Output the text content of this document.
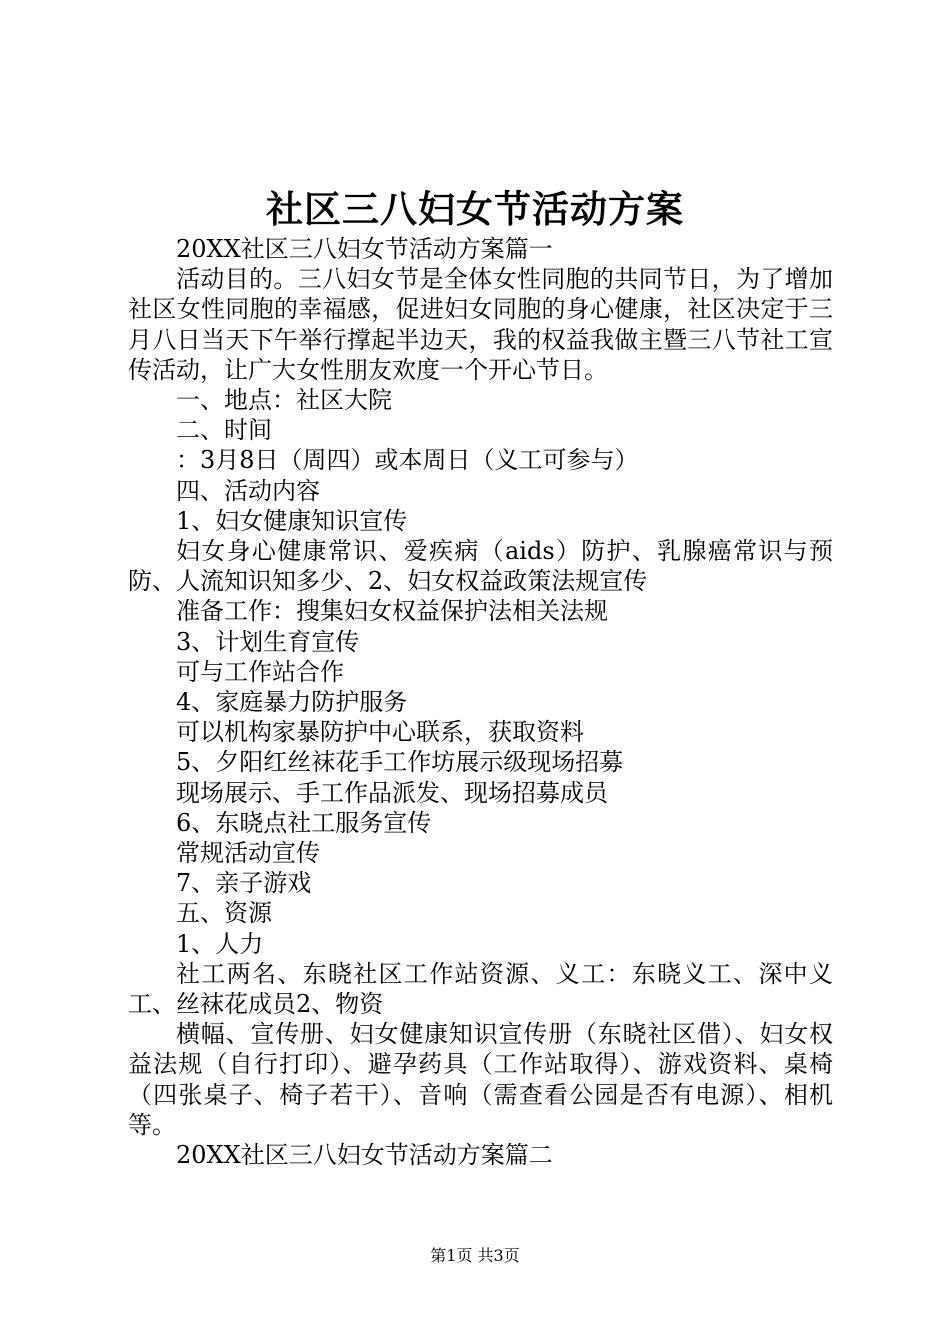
社区三八妇女节活动方案

20XX社区三八妇女节活动方案篇一

活动目的。三八妇女节是全体女性同胞的共同节日，为了增加社区女性同胞的幸福感，促进妇女同胞的身心健康，社区决定于三月八日当天下午举行撑起半边天，我的权益我做主暨三八节社工宣传活动，让广大女性朋友欢度一个开心节日。

一、地点：社区大院

二、时间

：3月8日（周四）或本周日（义工可参与）

四、活动内容

1、妇女健康知识宣传

妇女身心健康常识、爱疾病（aids）防护、乳腺癌常识与预防、人流知识知多少、2、妇女权益政策法规宣传

准备工作：搜集妇女权益保护法相关法规

3、计划生育宣传

可与工作站合作

4、家庭暴力防护服务

可以机构家暴防护中心联系，获取资料

5、夕阳红丝袜花手工作坊展示级现场招募

现场展示、手工作品派发、现场招募成员

6、东晓点社工服务宣传

常规活动宣传

7、亲子游戏

五、资源

1、人力

社工两名、东晓社区工作站资源、义工：东晓义工、深中义工、丝袜花成员2、物资

横幅、宣传册、妇女健康知识宣传册（东晓社区借）、妇女权益法规（自行打印）、避孕药具（工作站取得）、游戏资料、桌椅（四张桌子、椅子若干）、音响（需查看公园是否有电源）、相机等。

20XX社区三八妇女节活动方案篇二

第1页 共3页
